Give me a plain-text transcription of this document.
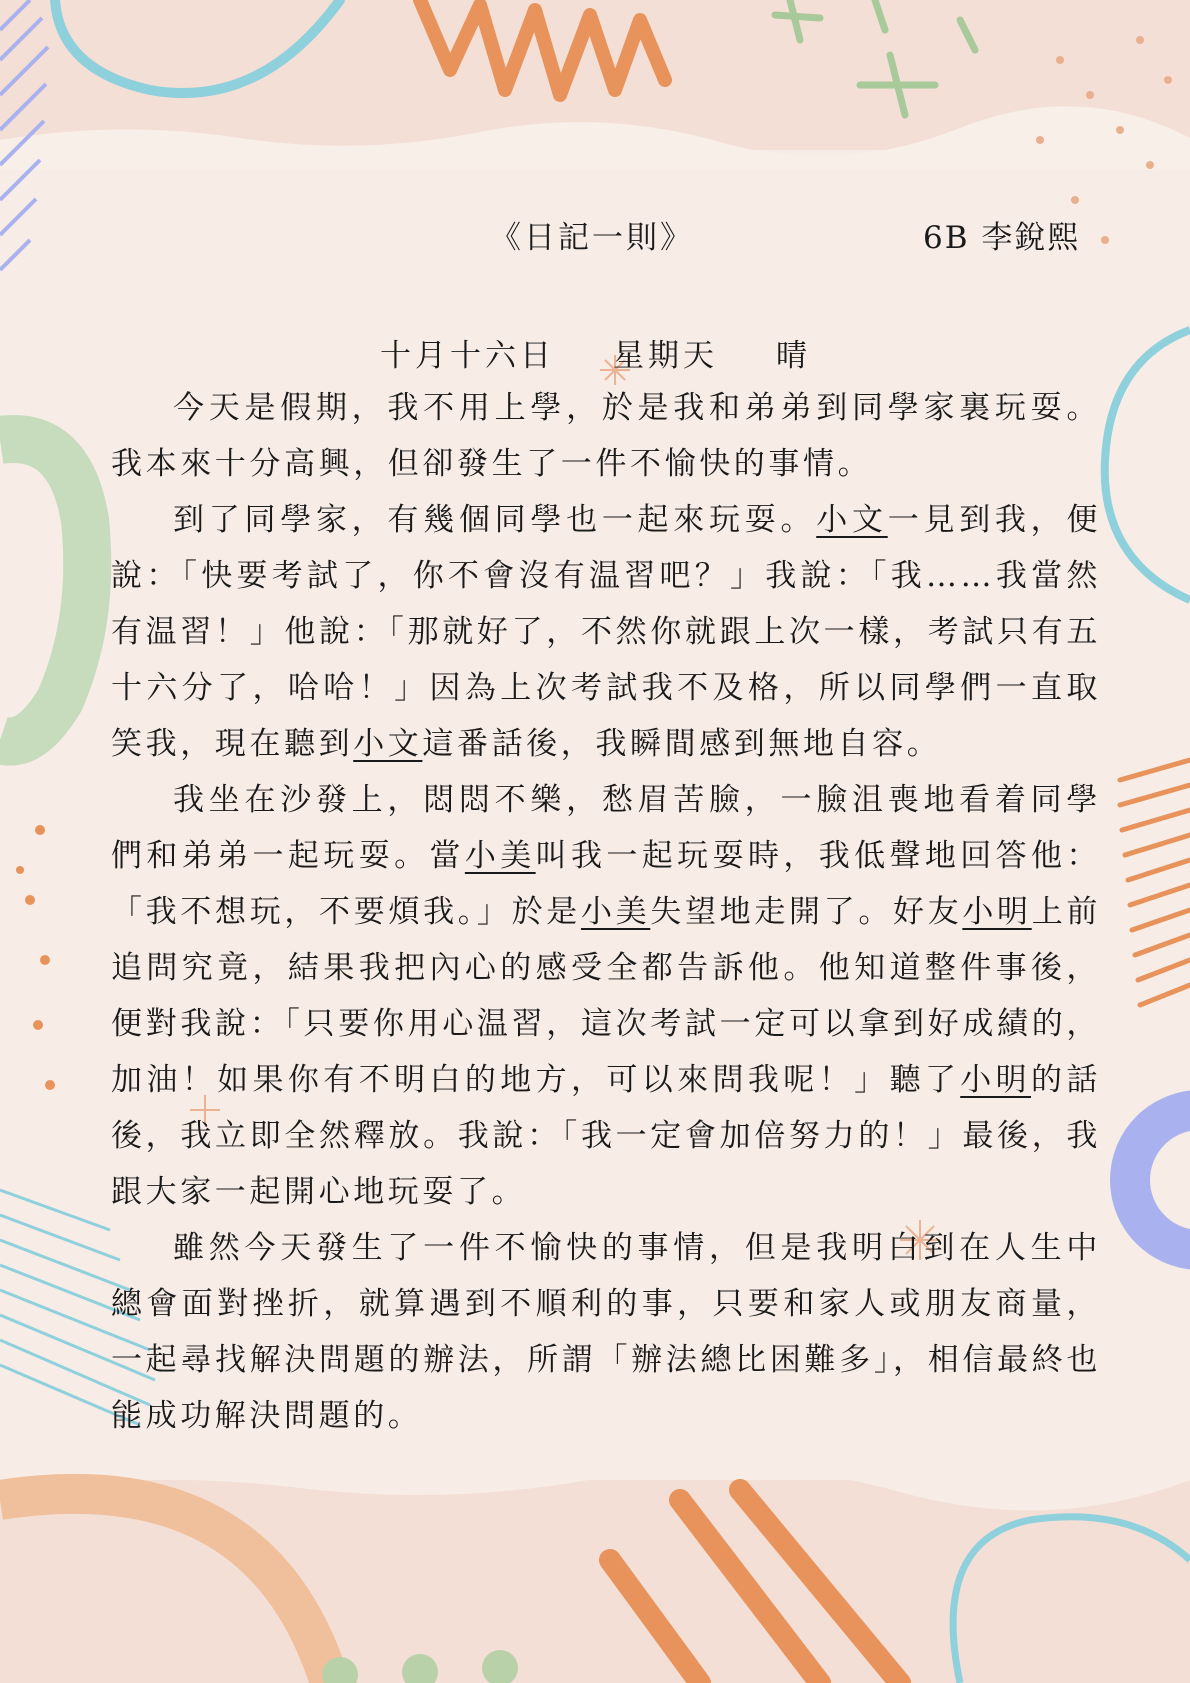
《日記一則》	6B 李銳熙
十月十六日 星期天 晴

今天是假期，我不用上學，於是我和弟弟到同學家裏玩耍。我本來十分高興，但卻發生了一件不愉快的事情。

到了同學家，有幾個同學也一起來玩耍。小文一見到我，便說：「快要考試了，你不會沒有温習吧？」我說：「我……我當然有温習！」他說：「那就好了，不然你就跟上次一樣，考試只有五十六分了，哈哈！」因為上次考試我不及格，所以同學們一直取笑我，現在聽到小文這番話後，我瞬間感到無地自容。

我坐在沙發上，悶悶不樂，愁眉苦臉，一臉沮喪地看着同學們和弟弟一起玩耍。當小美叫我一起玩耍時，我低聲地回答他：「我不想玩，不要煩我。」於是小美失望地走開了。好友小明上前追問究竟，結果我把內心的感受全都告訴他。他知道整件事後，便對我說：「只要你用心温習，這次考試一定可以拿到好成績的，加油！如果你有不明白的地方，可以來問我呢！」聽了小明的話後，我立即全然釋放。我說：「我一定會加倍努力的！」最後，我跟大家一起開心地玩耍了。

雖然今天發生了一件不愉快的事情，但是我明白到在人生中總會面對挫折，就算遇到不順利的事，只要和家人或朋友商量，一起尋找解決問題的辦法，所謂「辦法總比困難多」，相信最終也能成功解決問題的。
